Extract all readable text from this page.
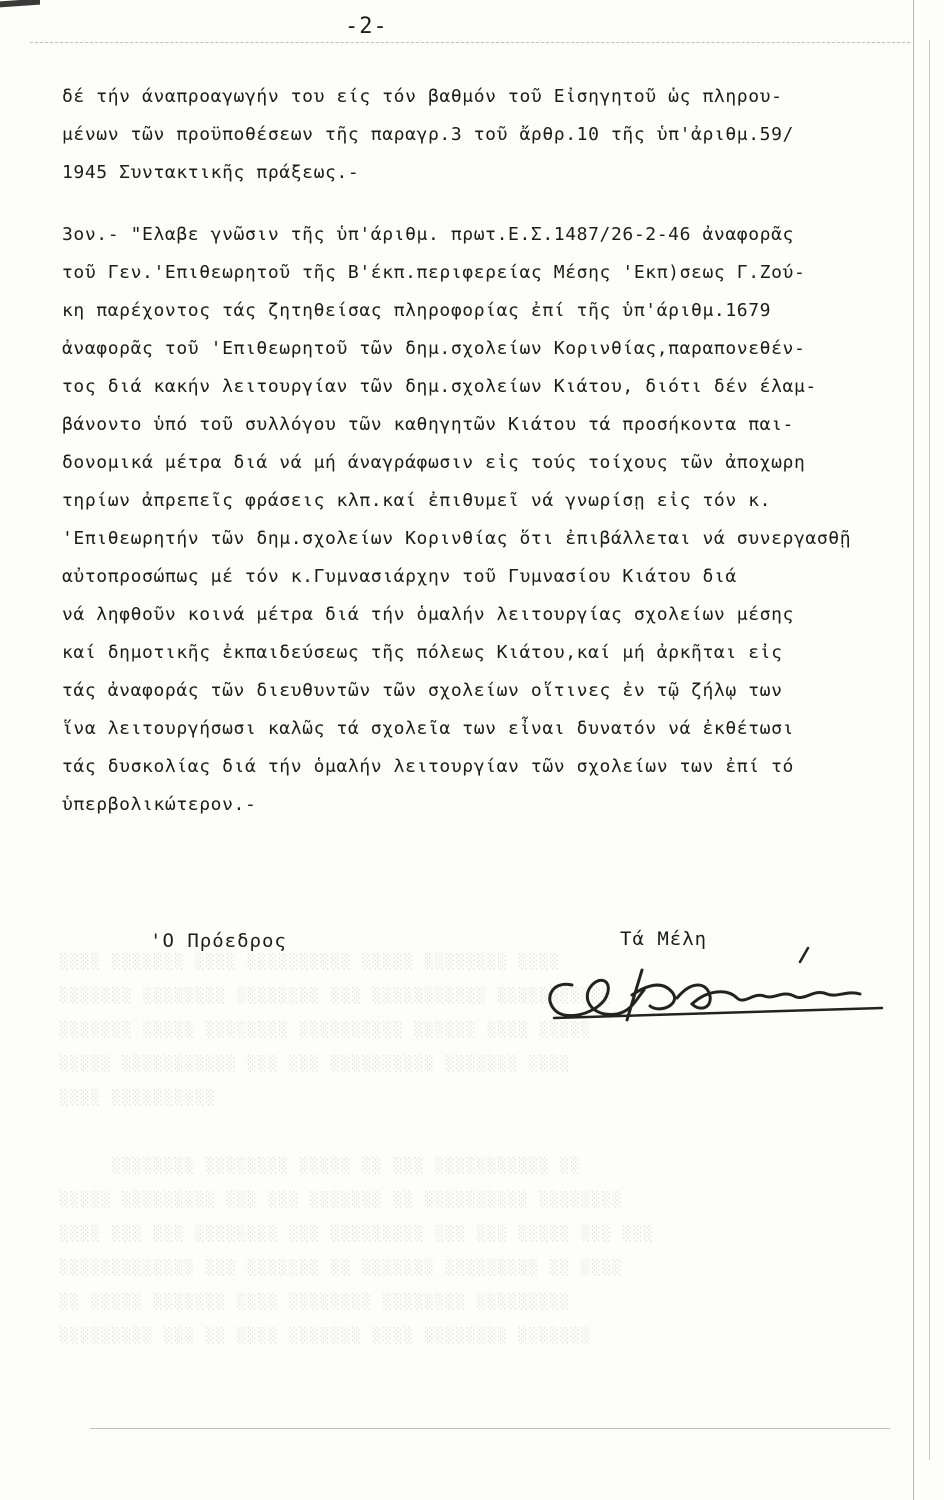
░░░░ ░░░░░░░ ░░░░ ░░░░░░░░░░ ░░░░░ ░░░░░░░░ ░░░░
░░░░░░░ ░░░░░░░░ ░░░░░░░░ ░░░ ░░░░░░░░░░░ ░░░░░░░░░░░
░░░░░░░ ░░░░░ ░░░░░░░░ ░░░░░░░░░░ ░░░░░░ ░░░░ ░░░░░
░░░░░ ░░░░░░░░░░░ ░░░ ░░░ ░░░░░░░░░░ ░░░░░░░ ░░░░
░░░░ ░░░░░░░░░░

░░░░░░░░ ░░░░░░░░ ░░░░░ ░░ ░░░ ░░░░░░░░░░░ ░░
░░░░░ ░░░░░░░░░ ░░░ ░░░ ░░░░░░░ ░░ ░░░░░░░░░░ ░░░░░░░░
░░░░ ░░░ ░░░ ░░░░░░░░ ░░░ ░░░░░░░░░ ░░░ ░░░ ░░░░░ ░░░ ░░░
░░░░░░░░░░░░░ ░░░ ░░░░░░░ ░░ ░░░░░░░ ░░░░░░░░░ ░░ ░░░░
░░ ░░░░░ ░░░░░░░ ░░░░ ░░░░░░░░ ░░░░░░░░ ░░░░░░░░░
░░░░░░░░░ ░░░ ░░ ░░░░ ░░░░░░░ ░░░░ ░░░░░░░░ ░░░░░░░
-2-
δέ τήν άναπροαγωγήν του είς τόν βαθμόν τοῦ Εἰσηγητοῦ ὡς πληρου-
μένων τῶν προϋποθέσεων τῆς παραγρ.3 τοῦ ἄρθρ.10 τῆς ὑπ'ἀριθμ.59/
1945 Συντακτικῆς πράξεως.-
3ον.- "Ελαβε γνῶσιν τῆς ὑπ'άριθμ. πρωτ.Ε.Σ.1487/26-2-46 ἀναφορᾶς
τοῦ Γεν.'Επιθεωρητοῦ τῆς Β'έκπ.περιφερείας Μέσης 'Εκπ)σεως Γ.Ζού-
κη παρέχοντος τάς ζητηθείσας πληροφορίας ἐπί τῆς ὑπ'άριθμ.1679
ἀναφορᾶς τοῦ 'Επιθεωρητοῦ τῶν δημ.σχολείων Κορινθίας,παραπονεθέν-
τος διά κακήν λειτουργίαν τῶν δημ.σχολείων Κιάτου, διότι δέν έλαμ-
βάνοντο ὑπό τοῦ συλλόγου τῶν καθηγητῶν Κιάτου τά προσήκοντα παι-
δονομικά μέτρα διά νά μή άναγράφωσιν εἰς τούς τοίχους τῶν ἀποχωρη
τηρίων ἀπρεπεῖς φράσεις κλπ.καί ἐπιθυμεῖ νά γνωρίσῃ εἰς τόν κ.
'Επιθεωρητήν τῶν δημ.σχολείων Κορινθίας ὅτι ἐπιβάλλεται νά συνεργασθῇ
αὐτοπροσώπως μέ τόν κ.Γυμνασιάρχην τοῦ Γυμνασίου Κιάτου διά
νά ληφθοῦν κοινά μέτρα διά τήν ὁμαλήν λειτουργίας σχολείων μέσης
καί δημοτικῆς ἐκπαιδεύσεως τῆς πόλεως Κιάτου,καί μή ἀρκῆται εἰς
τάς ἀναφοράς τῶν διευθυντῶν τῶν σχολείων οἵτινες ἐν τῷ ζήλῳ των
ἵνα λειτουργήσωσι καλῶς τά σχολεῖα των εἶναι δυνατόν νά ἐκθέτωσι
τάς δυσκολίας διά τήν ὁμαλήν λειτουργίαν τῶν σχολείων των ἐπί τό
ὑπερβολικώτερον.-
'Ο Πρόεδρος	Τά Μέλη
